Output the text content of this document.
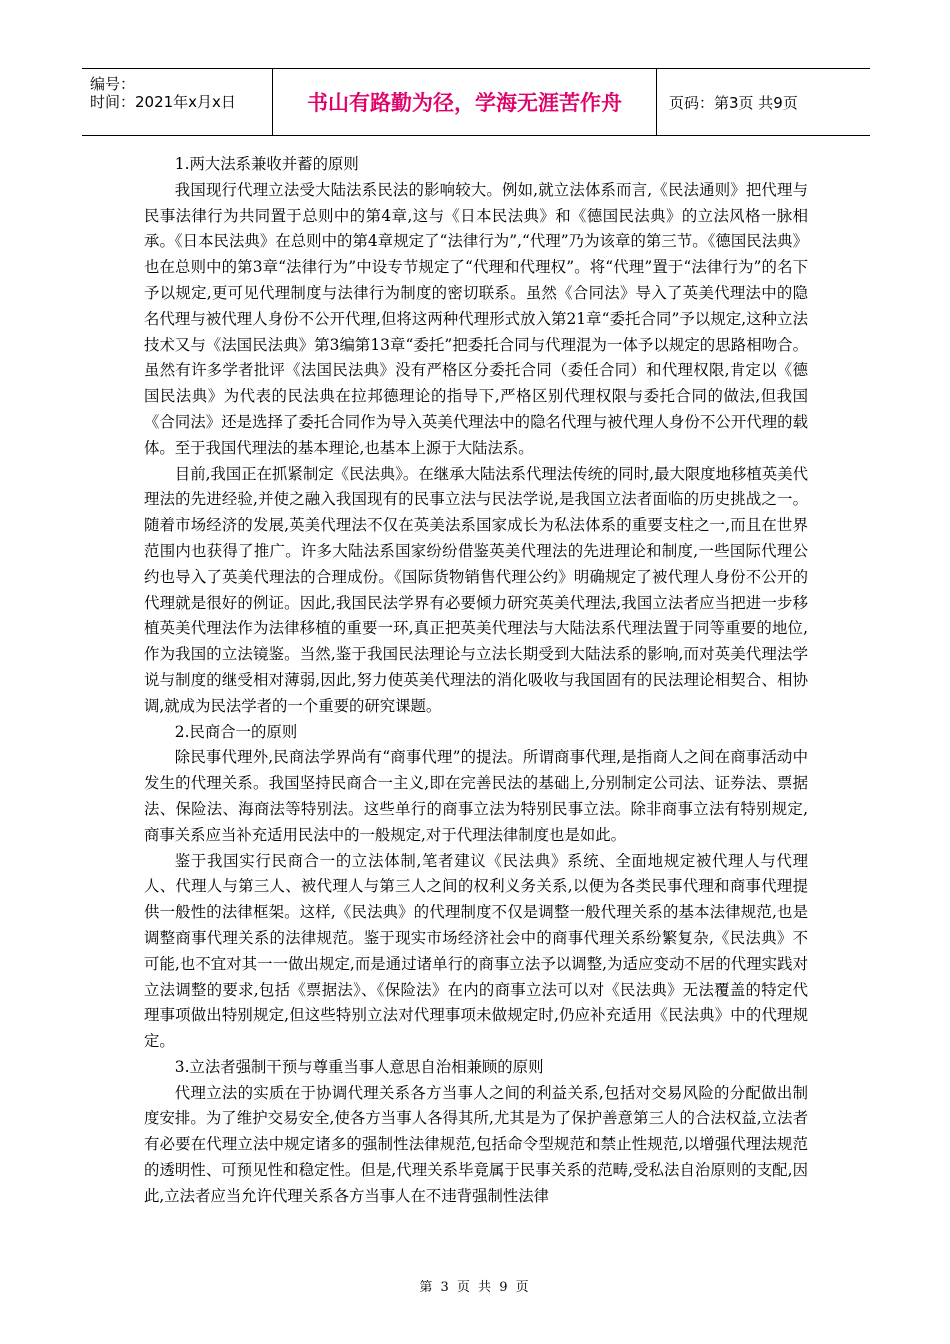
编号：
时间：2021年x月x日	书山有路勤为径，学海无涯苦作舟	页码：第3页 共9页

1.两大法系兼收并蓄的原则

我国现行代理立法受大陆法系民法的影响较大。例如,就立法体系而言,《民法通则》把代理与民事法律行为共同置于总则中的第4章,这与《日本民法典》和《德国民法典》的立法风格一脉相承。《日本民法典》在总则中的第4章规定了“法律行为”,“代理”乃为该章的第三节。《德国民法典》也在总则中的第3章“法律行为”中设专节规定了“代理和代理权”。将“代理”置于“法律行为”的名下予以规定,更可见代理制度与法律行为制度的密切联系。虽然《合同法》导入了英美代理法中的隐名代理与被代理人身份不公开代理,但将这两种代理形式放入第21章“委托合同”予以规定,这种立法技术又与《法国民法典》第3编第13章“委托”把委托合同与代理混为一体予以规定的思路相吻合。虽然有许多学者批评《法国民法典》没有严格区分委托合同（委任合同）和代理权限,肯定以《德国民法典》为代表的民法典在拉邦德理论的指导下,严格区别代理权限与委托合同的做法,但我国《合同法》还是选择了委托合同作为导入英美代理法中的隐名代理与被代理人身份不公开代理的载体。至于我国代理法的基本理论,也基本上源于大陆法系。

目前,我国正在抓紧制定《民法典》。在继承大陆法系代理法传统的同时,最大限度地移植英美代理法的先进经验,并使之融入我国现有的民事立法与民法学说,是我国立法者面临的历史挑战之一。随着市场经济的发展,英美代理法不仅在英美法系国家成长为私法体系的重要支柱之一,而且在世界范围内也获得了推广。许多大陆法系国家纷纷借鉴英美代理法的先进理论和制度,一些国际代理公约也导入了英美代理法的合理成份。《国际货物销售代理公约》明确规定了被代理人身份不公开的代理就是很好的例证。因此,我国民法学界有必要倾力研究英美代理法,我国立法者应当把进一步移植英美代理法作为法律移植的重要一环,真正把英美代理法与大陆法系代理法置于同等重要的地位,作为我国的立法镜鉴。当然,鉴于我国民法理论与立法长期受到大陆法系的影响,而对英美代理法学说与制度的继受相对薄弱,因此,努力使英美代理法的消化吸收与我国固有的民法理论相契合、相协调,就成为民法学者的一个重要的研究课题。

2.民商合一的原则

除民事代理外,民商法学界尚有“商事代理”的提法。所谓商事代理,是指商人之间在商事活动中发生的代理关系。我国坚持民商合一主义,即在完善民法的基础上,分别制定公司法、证券法、票据法、保险法、海商法等特别法。这些单行的商事立法为特别民事立法。除非商事立法有特别规定,商事关系应当补充适用民法中的一般规定,对于代理法律制度也是如此。

鉴于我国实行民商合一的立法体制,笔者建议《民法典》系统、全面地规定被代理人与代理人、代理人与第三人、被代理人与第三人之间的权利义务关系,以便为各类民事代理和商事代理提供一般性的法律框架。这样,《民法典》的代理制度不仅是调整一般代理关系的基本法律规范,也是调整商事代理关系的法律规范。鉴于现实市场经济社会中的商事代理关系纷繁复杂,《民法典》不可能,也不宜对其一一做出规定,而是通过诸单行的商事立法予以调整,为适应变动不居的代理实践对立法调整的要求,包括《票据法》、《保险法》在内的商事立法可以对《民法典》无法覆盖的特定代理事项做出特别规定,但这些特别立法对代理事项未做规定时,仍应补充适用《民法典》中的代理规定。

3.立法者强制干预与尊重当事人意思自治相兼顾的原则

代理立法的实质在于协调代理关系各方当事人之间的利益关系,包括对交易风险的分配做出制度安排。为了维护交易安全,使各方当事人各得其所,尤其是为了保护善意第三人的合法权益,立法者有必要在代理立法中规定诸多的强制性法律规范,包括命令型规范和禁止性规范,以增强代理法规范的透明性、可预见性和稳定性。但是,代理关系毕竟属于民事关系的范畴,受私法自治原则的支配,因此,立法者应当允许代理关系各方当事人在不违背强制性法律

第 3 页 共 9 页
